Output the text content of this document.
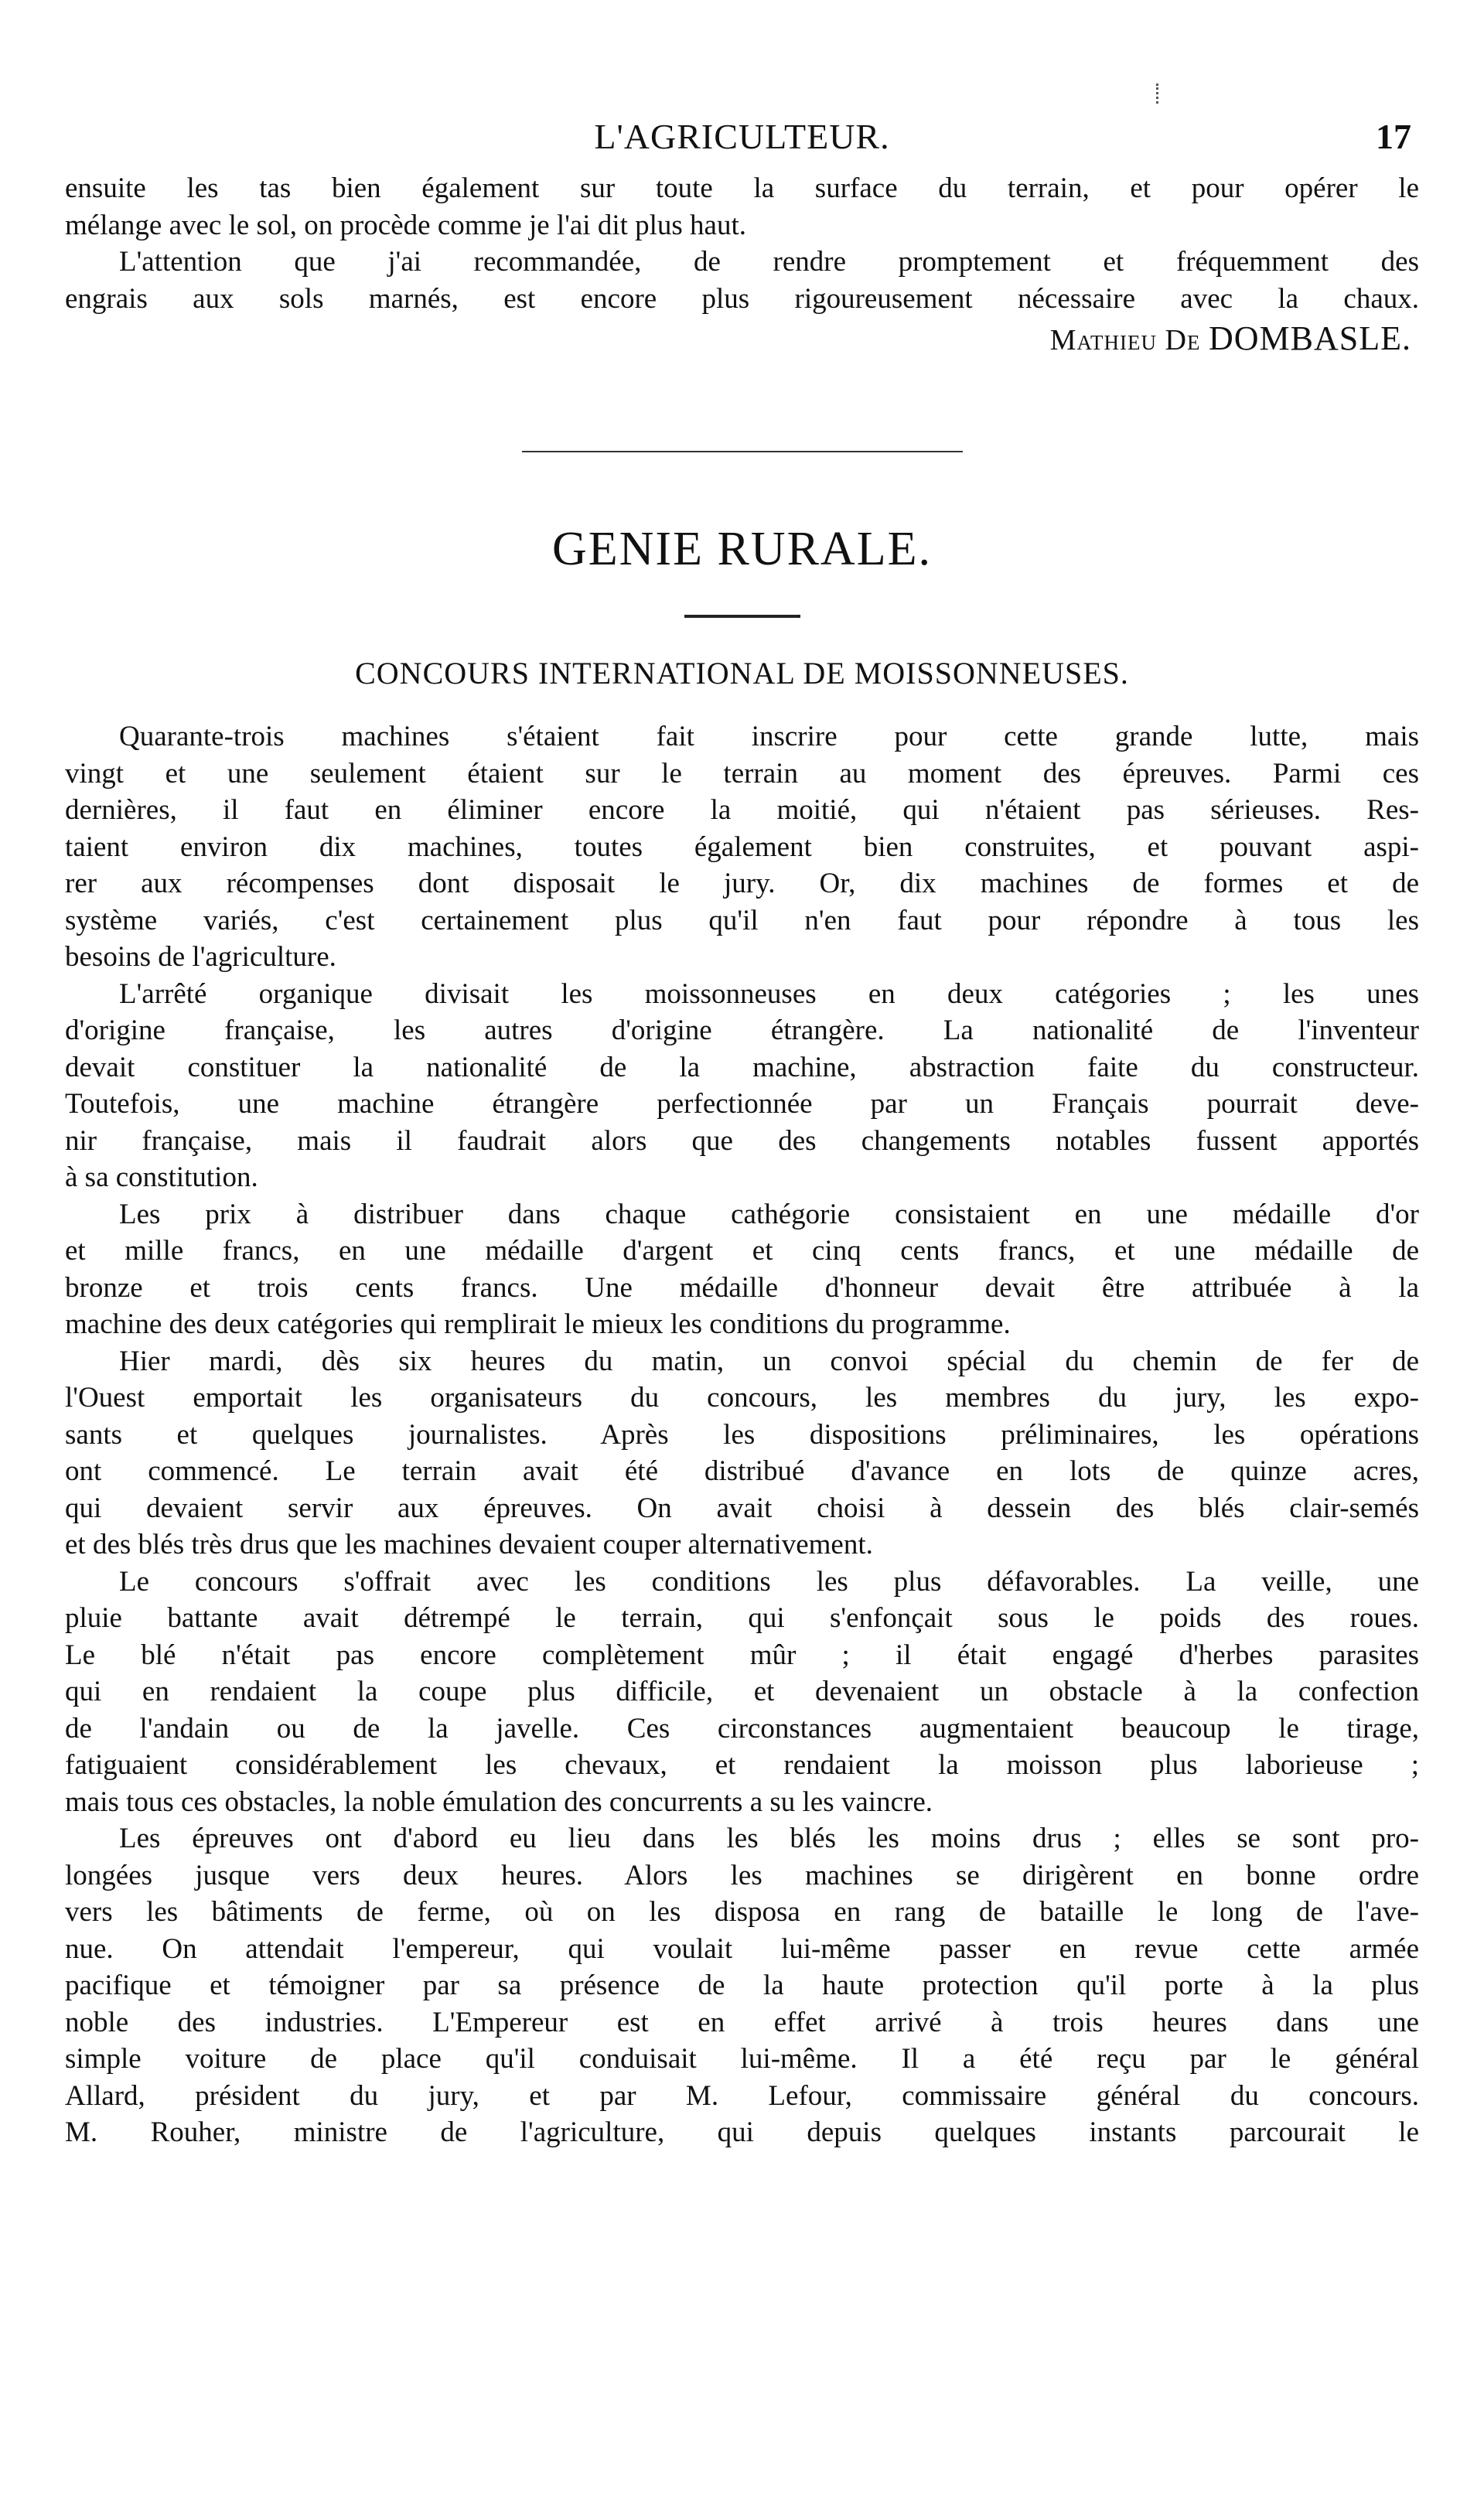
L'AGRICULTEUR.	17

ensuite les tas bien également sur toute la surface du terrain, et pour opérer le
mélange avec le sol, on procède comme je l'ai dit plus haut.

L'attention que j'ai recommandée, de rendre promptement et fréquemment des
engrais aux sols marnés, est encore plus rigoureusement nécessaire avec la chaux.

Mathieu De DOMBASLE.
GENIE RURALE.
CONCOURS INTERNATIONAL DE MOISSONNEUSES.

Quarante-trois machines s'étaient fait inscrire pour cette grande lutte, mais
vingt et une seulement étaient sur le terrain au moment des épreuves. Parmi ces
dernières, il faut en éliminer encore la moitié, qui n'étaient pas sérieuses. Res-
taient environ dix machines, toutes également bien construites, et pouvant aspi-
rer aux récompenses dont disposait le jury. Or, dix machines de formes et de
système variés, c'est certainement plus qu'il n'en faut pour répondre à tous les
besoins de l'agriculture.

L'arrêté organique divisait les moissonneuses en deux catégories ; les unes
d'origine française, les autres d'origine étrangère. La nationalité de l'inventeur
devait constituer la nationalité de la machine, abstraction faite du constructeur.
Toutefois, une machine étrangère perfectionnée par un Français pourrait deve-
nir française, mais il faudrait alors que des changements notables fussent apportés
à sa constitution.

Les prix à distribuer dans chaque cathégorie consistaient en une médaille d'or
et mille francs, en une médaille d'argent et cinq cents francs, et une médaille de
bronze et trois cents francs. Une médaille d'honneur devait être attribuée à la
machine des deux catégories qui remplirait le mieux les conditions du programme.

Hier mardi, dès six heures du matin, un convoi spécial du chemin de fer de
l'Ouest emportait les organisateurs du concours, les membres du jury, les expo-
sants et quelques journalistes. Après les dispositions préliminaires, les opérations
ont commencé. Le terrain avait été distribué d'avance en lots de quinze acres,
qui devaient servir aux épreuves. On avait choisi à dessein des blés clair-semés
et des blés très drus que les machines devaient couper alternativement.

Le concours s'offrait avec les conditions les plus défavorables. La veille, une
pluie battante avait détrempé le terrain, qui s'enfonçait sous le poids des roues.
Le blé n'était pas encore complètement mûr ; il était engagé d'herbes parasites
qui en rendaient la coupe plus difficile, et devenaient un obstacle à la confection
de l'andain ou de la javelle. Ces circonstances augmentaient beaucoup le tirage,
fatiguaient considérablement les chevaux, et rendaient la moisson plus laborieuse ;
mais tous ces obstacles, la noble émulation des concurrents a su les vaincre.

Les épreuves ont d'abord eu lieu dans les blés les moins drus ; elles se sont pro-
longées jusque vers deux heures. Alors les machines se dirigèrent en bonne ordre
vers les bâtiments de ferme, où on les disposa en rang de bataille le long de l'ave-
nue. On attendait l'empereur, qui voulait lui-même passer en revue cette armée
pacifique et témoigner par sa présence de la haute protection qu'il porte à la plus
noble des industries. L'Empereur est en effet arrivé à trois heures dans une
simple voiture de place qu'il conduisait lui-même. Il a été reçu par le général
Allard, président du jury, et par M. Lefour, commissaire général du concours.
M. Rouher, ministre de l'agriculture, qui depuis quelques instants parcourait le
